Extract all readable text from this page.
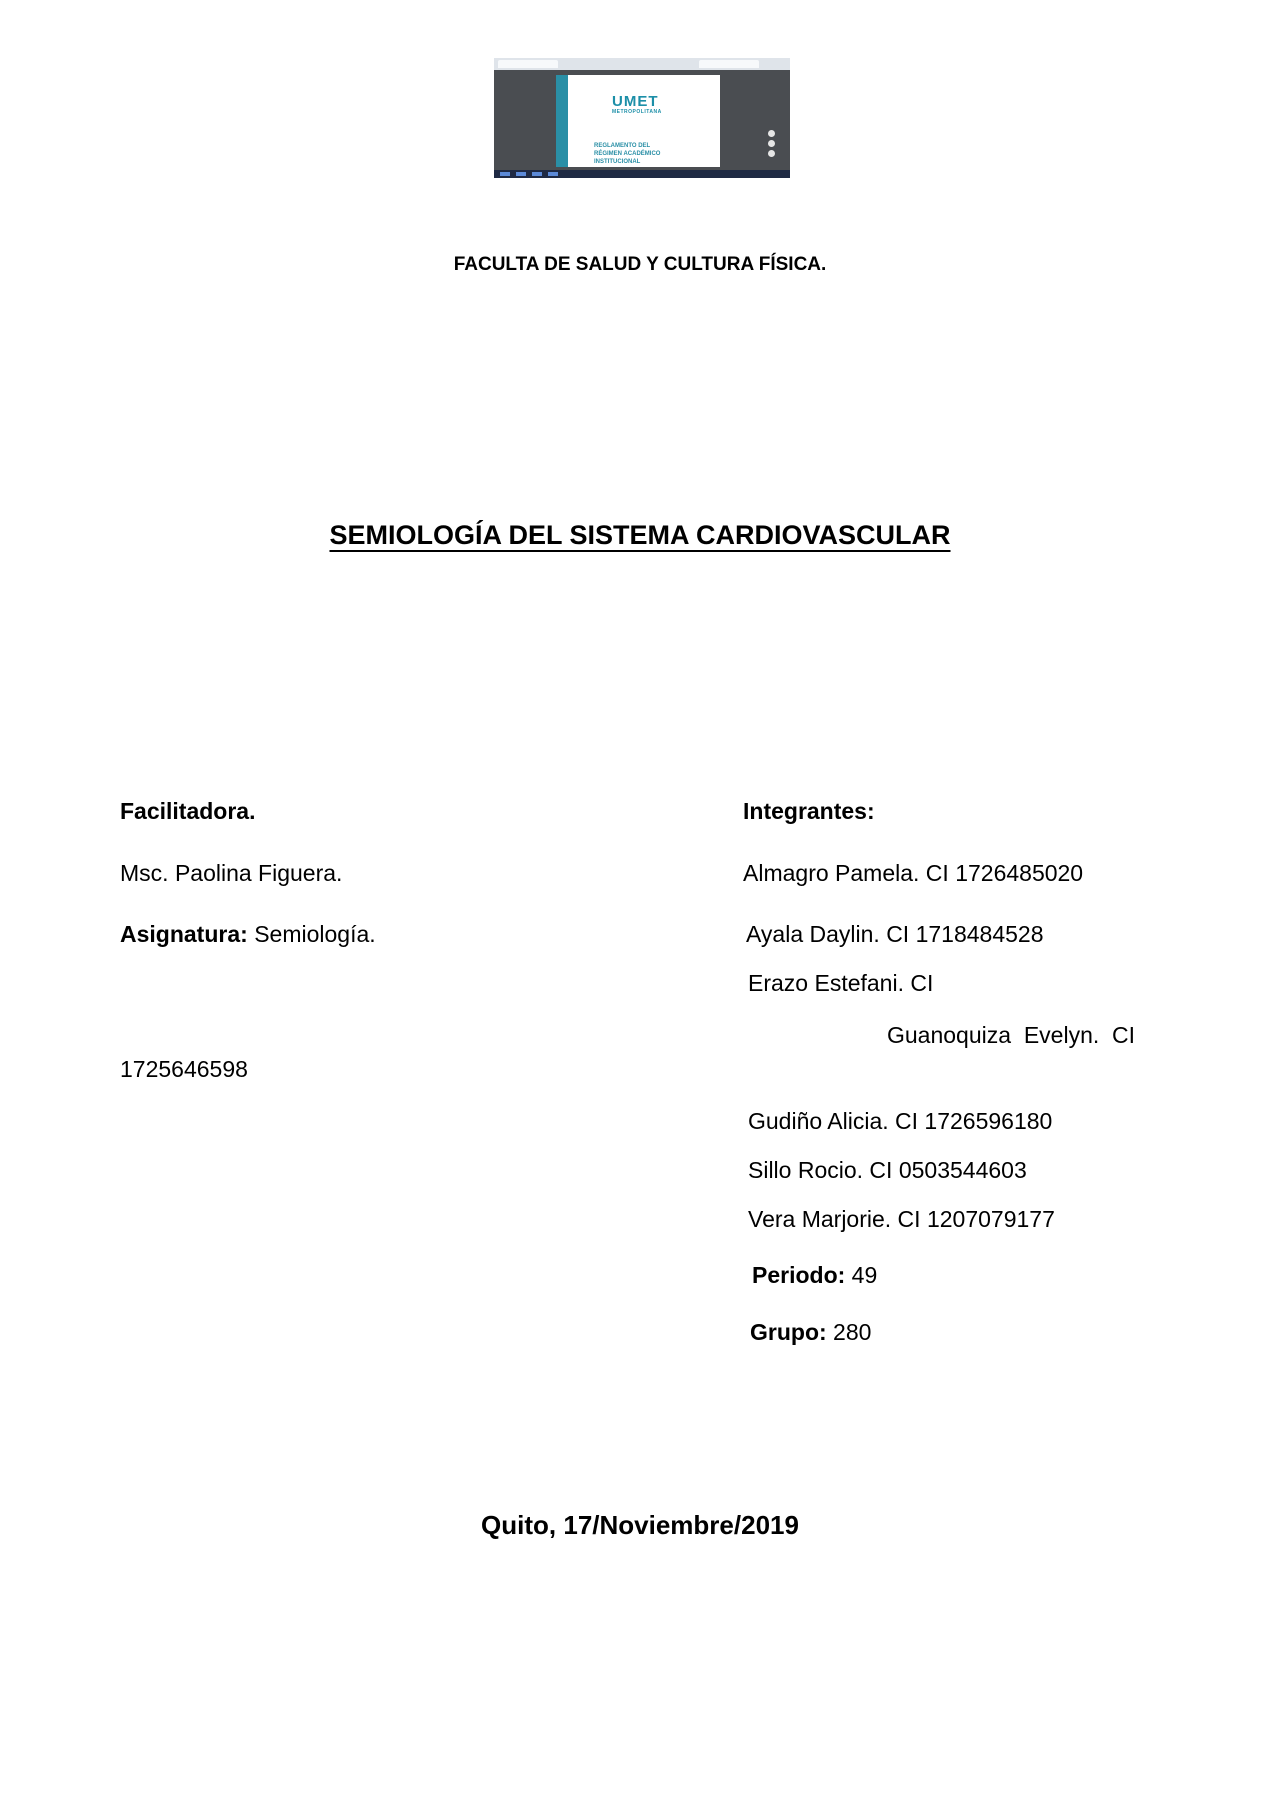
UMET
METROPOLITANA
REGLAMENTO DEL
RÉGIMEN ACADÉMICO
INSTITUCIONAL
FACULTA DE SALUD Y CULTURA FÍSICA.
SEMIOLOGÍA DEL SISTEMA CARDIOVASCULAR
Facilitadora.
Msc. Paolina Figuera.
Asignatura: Semiología.
1725646598
Integrantes:
Almagro Pamela. CI 1726485020
Ayala Daylin. CI 1718484528
Erazo Estefani. CI
Guanoquiza  Evelyn.  CI
Gudiño Alicia. CI 1726596180
Sillo Rocio. CI 0503544603
Vera Marjorie. CI 1207079177
Periodo: 49
Grupo: 280
Quito, 17/Noviembre/2019
